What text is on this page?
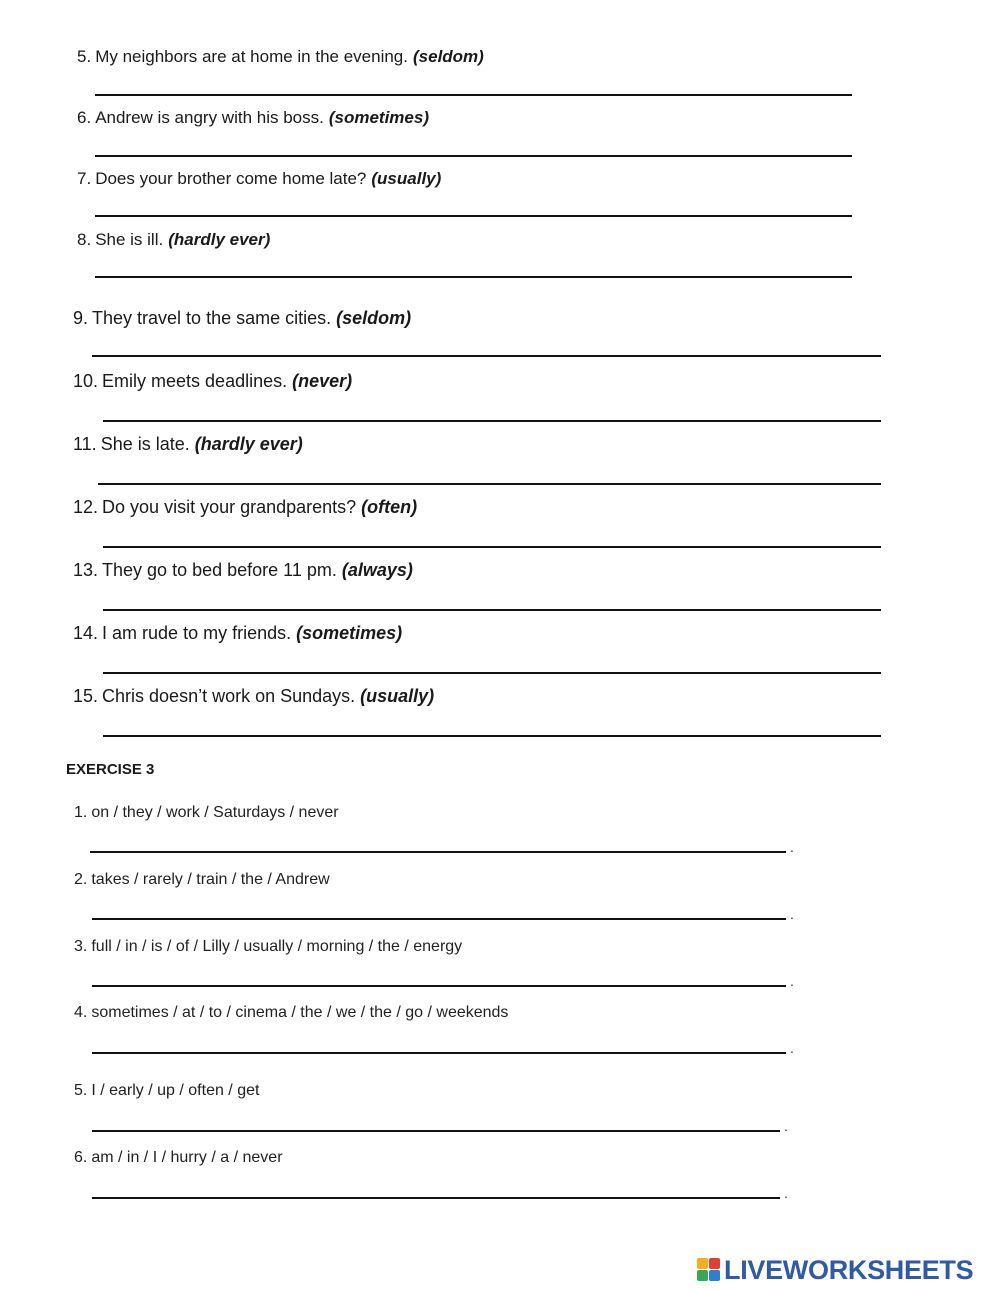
5. My neighbors are at home in the evening. (seldom)
6. Andrew is angry with his boss. (sometimes)
7. Does your brother come home late? (usually)
8. She is ill. (hardly ever)
9. They travel to the same cities. (seldom)
10. Emily meets deadlines. (never)
11. She is late. (hardly ever)
12. Do you visit your grandparents? (often)
13. They go to bed before 11 pm. (always)
14. I am rude to my friends. (sometimes)
15. Chris doesn’t work on Sundays. (usually)
EXERCISE 3
1. on / they / work / Saturdays / never
.
2. takes / rarely / train / the / Andrew
.
3. full / in / is / of / Lilly / usually / morning / the / energy
.
4. sometimes / at / to / cinema / the / we / the / go / weekends
.
5. I / early / up / often / get
.
6. am / in / I / hurry / a / never
.
LIVEWORKSHEETS
